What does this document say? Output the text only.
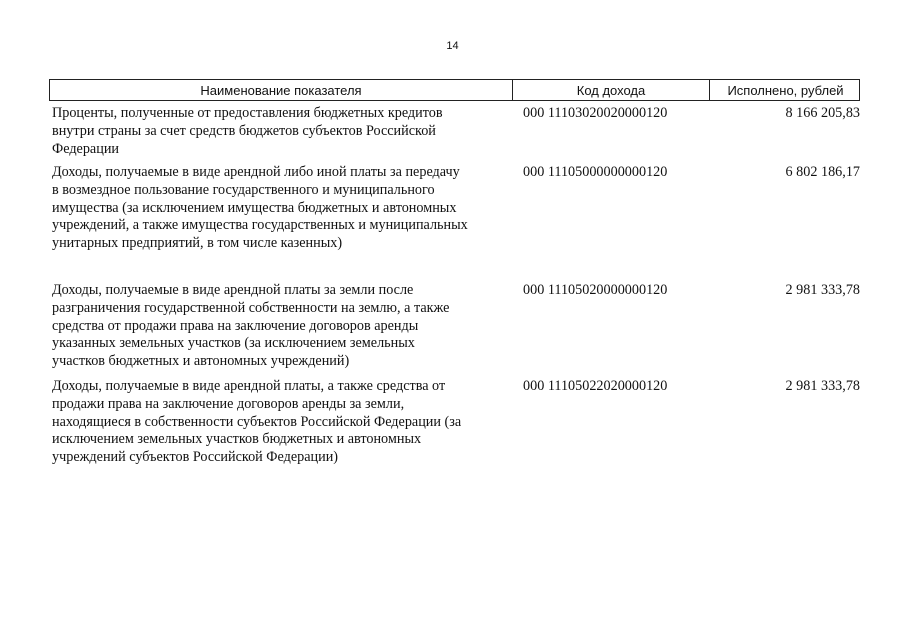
14
Наименование показателя	Код дохода	Исполнено, рублей
Проценты, полученные от предоставления бюджетных кредитов
внутри страны за счет средств бюджетов субъектов Российской
Федерации
000 11103020020000120	8 166 205,83
Доходы, получаемые в виде арендной либо иной платы за передачу
в возмездное пользование государственного и муниципального
имущества (за исключением имущества бюджетных и автономных
учреждений, а также имущества государственных и муниципальных
унитарных предприятий, в том числе казенных)
000 11105000000000120	6 802 186,17
Доходы, получаемые в виде арендной платы за земли после
разграничения государственной собственности на землю, а также
средства от продажи права на заключение договоров аренды
указанных земельных участков (за исключением земельных
участков бюджетных и автономных учреждений)
000 11105020000000120	2 981 333,78
Доходы, получаемые в виде арендной платы, а также средства от
продажи права на заключение договоров аренды за земли,
находящиеся в собственности субъектов Российской Федерации (за
исключением земельных участков бюджетных и автономных
учреждений субъектов Российской Федерации)
000 11105022020000120	2 981 333,78
